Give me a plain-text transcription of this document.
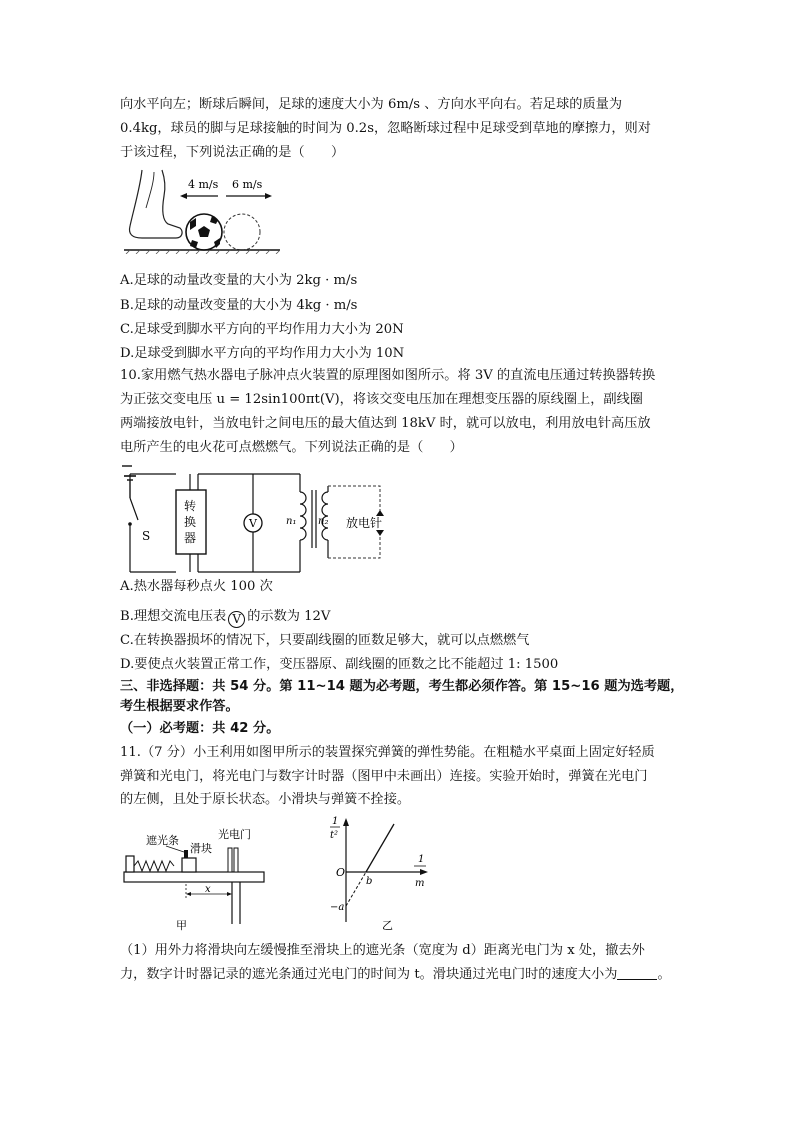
向水平向左；断球后瞬间，足球的速度大小为 6m/s 、方向水平向右。若足球的质量为
0.4kg，球员的脚与足球接触的时间为 0.2s，忽略断球过程中足球受到草地的摩擦力，则对
于该过程，下列说法正确的是（　　）
4 m/s 6 m/s
A.足球的动量改变量的大小为 2kg · m/s
B.足球的动量改变量的大小为 4kg · m/s
C.足球受到脚水平方向的平均作用力大小为 20N
D.足球受到脚水平方向的平均作用力大小为 10N
10.家用燃气热水器电子脉冲点火装置的原理图如图所示。将 3V 的直流电压通过转换器转换
为正弦交变电压 u = 12sin100πt(V)，将该交变电压加在理想变压器的原线圈上，副线圈
两端接放电针，当放电针之间电压的最大值达到 18kV 时，就可以放电，利用放电针高压放
电所产生的电火花可点燃燃气。下列说法正确的是（　　）
S
转换器
V	n₁ n₂ 放电针
A.热水器每秒点火 100 次
B.理想交流电压表 V 的示数为 12V
C.在转换器损坏的情况下，只要副线圈的匝数足够大，就可以点燃燃气
D.要使点火装置正常工作，变压器原、副线圈的匝数之比不能超过 1: 1500
三、非选择题：共 54 分。第 11~14 题为必考题，考生都必须作答。第 15~16 题为选考题，
考生根据要求作答。
（一）必考题：共 42 分。
11.（7 分）小王利用如图甲所示的装置探究弹簧的弹性势能。在粗糙水平桌面上固定好轻质
弹簧和光电门，将光电门与数字计时器（图甲中未画出）连接。实验开始时，弹簧在光电门
的左侧，且处于原长状态。小滑块与弹簧不拴接。
遮光条
滑块
光电门
x
甲
1
t²
1
m
O
b
−a
乙
（1）用外力将滑块向左缓慢推至滑块上的遮光条（宽度为 d）距离光电门为 x 处，撤去外
力，数字计时器记录的遮光条通过光电门的时间为 t。滑块通过光电门时的速度大小为	。
